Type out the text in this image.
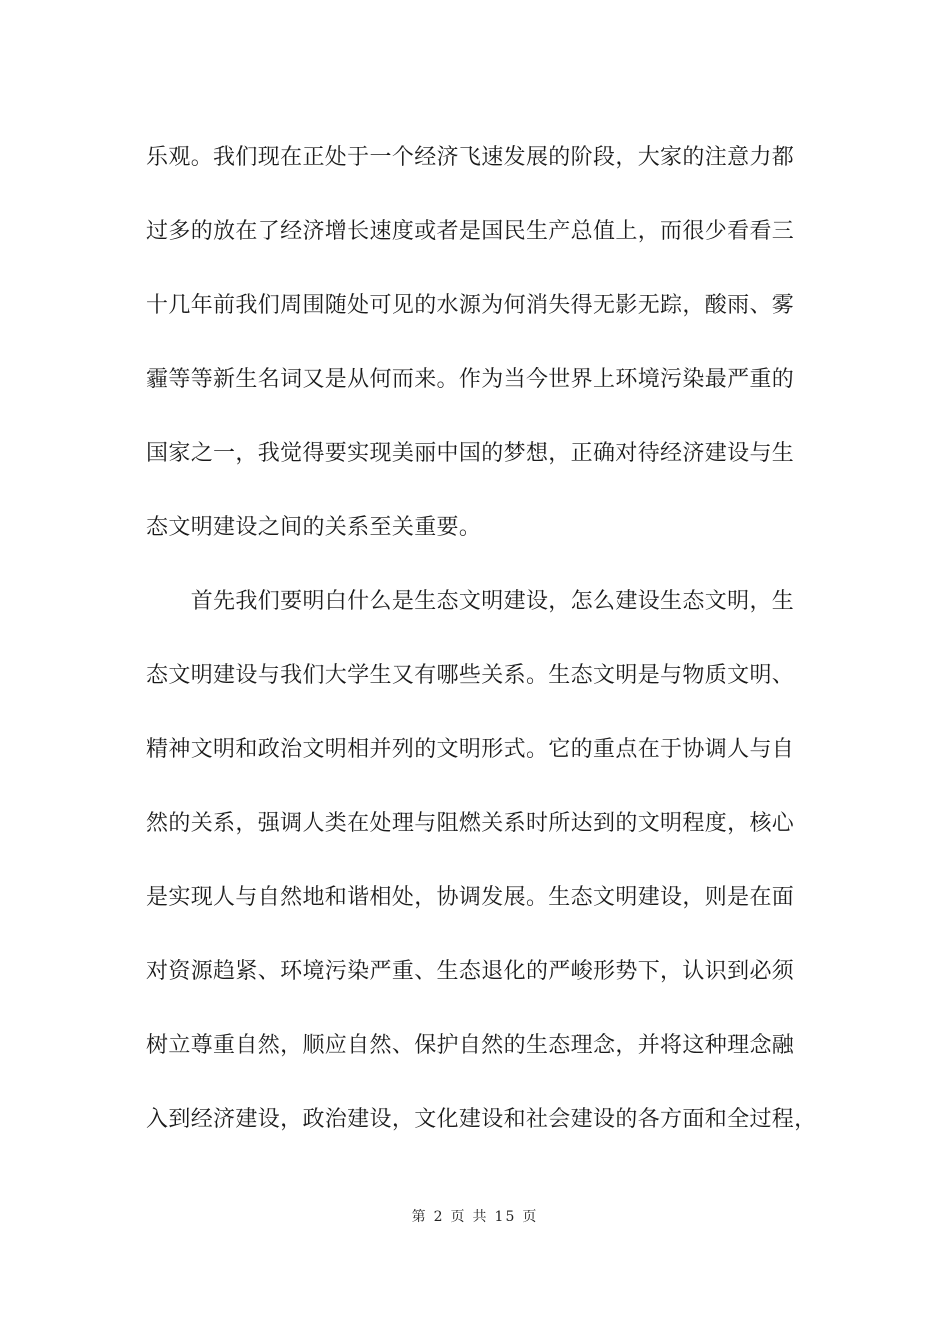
乐观。我们现在正处于一个经济飞速发展的阶段，大家的注意力都
过多的放在了经济增长速度或者是国民生产总值上，而很少看看三
十几年前我们周围随处可见的水源为何消失得无影无踪，酸雨、雾
霾等等新生名词又是从何而来。作为当今世界上环境污染最严重的
国家之一，我觉得要实现美丽中国的梦想，正确对待经济建设与生
态文明建设之间的关系至关重要。
　　首先我们要明白什么是生态文明建设，怎么建设生态文明，生
态文明建设与我们大学生又有哪些关系。生态文明是与物质文明、
精神文明和政治文明相并列的文明形式。它的重点在于协调人与自
然的关系，强调人类在处理与阻燃关系时所达到的文明程度，核心
是实现人与自然地和谐相处，协调发展。生态文明建设，则是在面
对资源趋紧、环境污染严重、生态退化的严峻形势下，认识到必须
树立尊重自然，顺应自然、保护自然的生态理念，并将这种理念融
入到经济建设，政治建设，文化建设和社会建设的各方面和全过程，
第 2 页 共 15 页
